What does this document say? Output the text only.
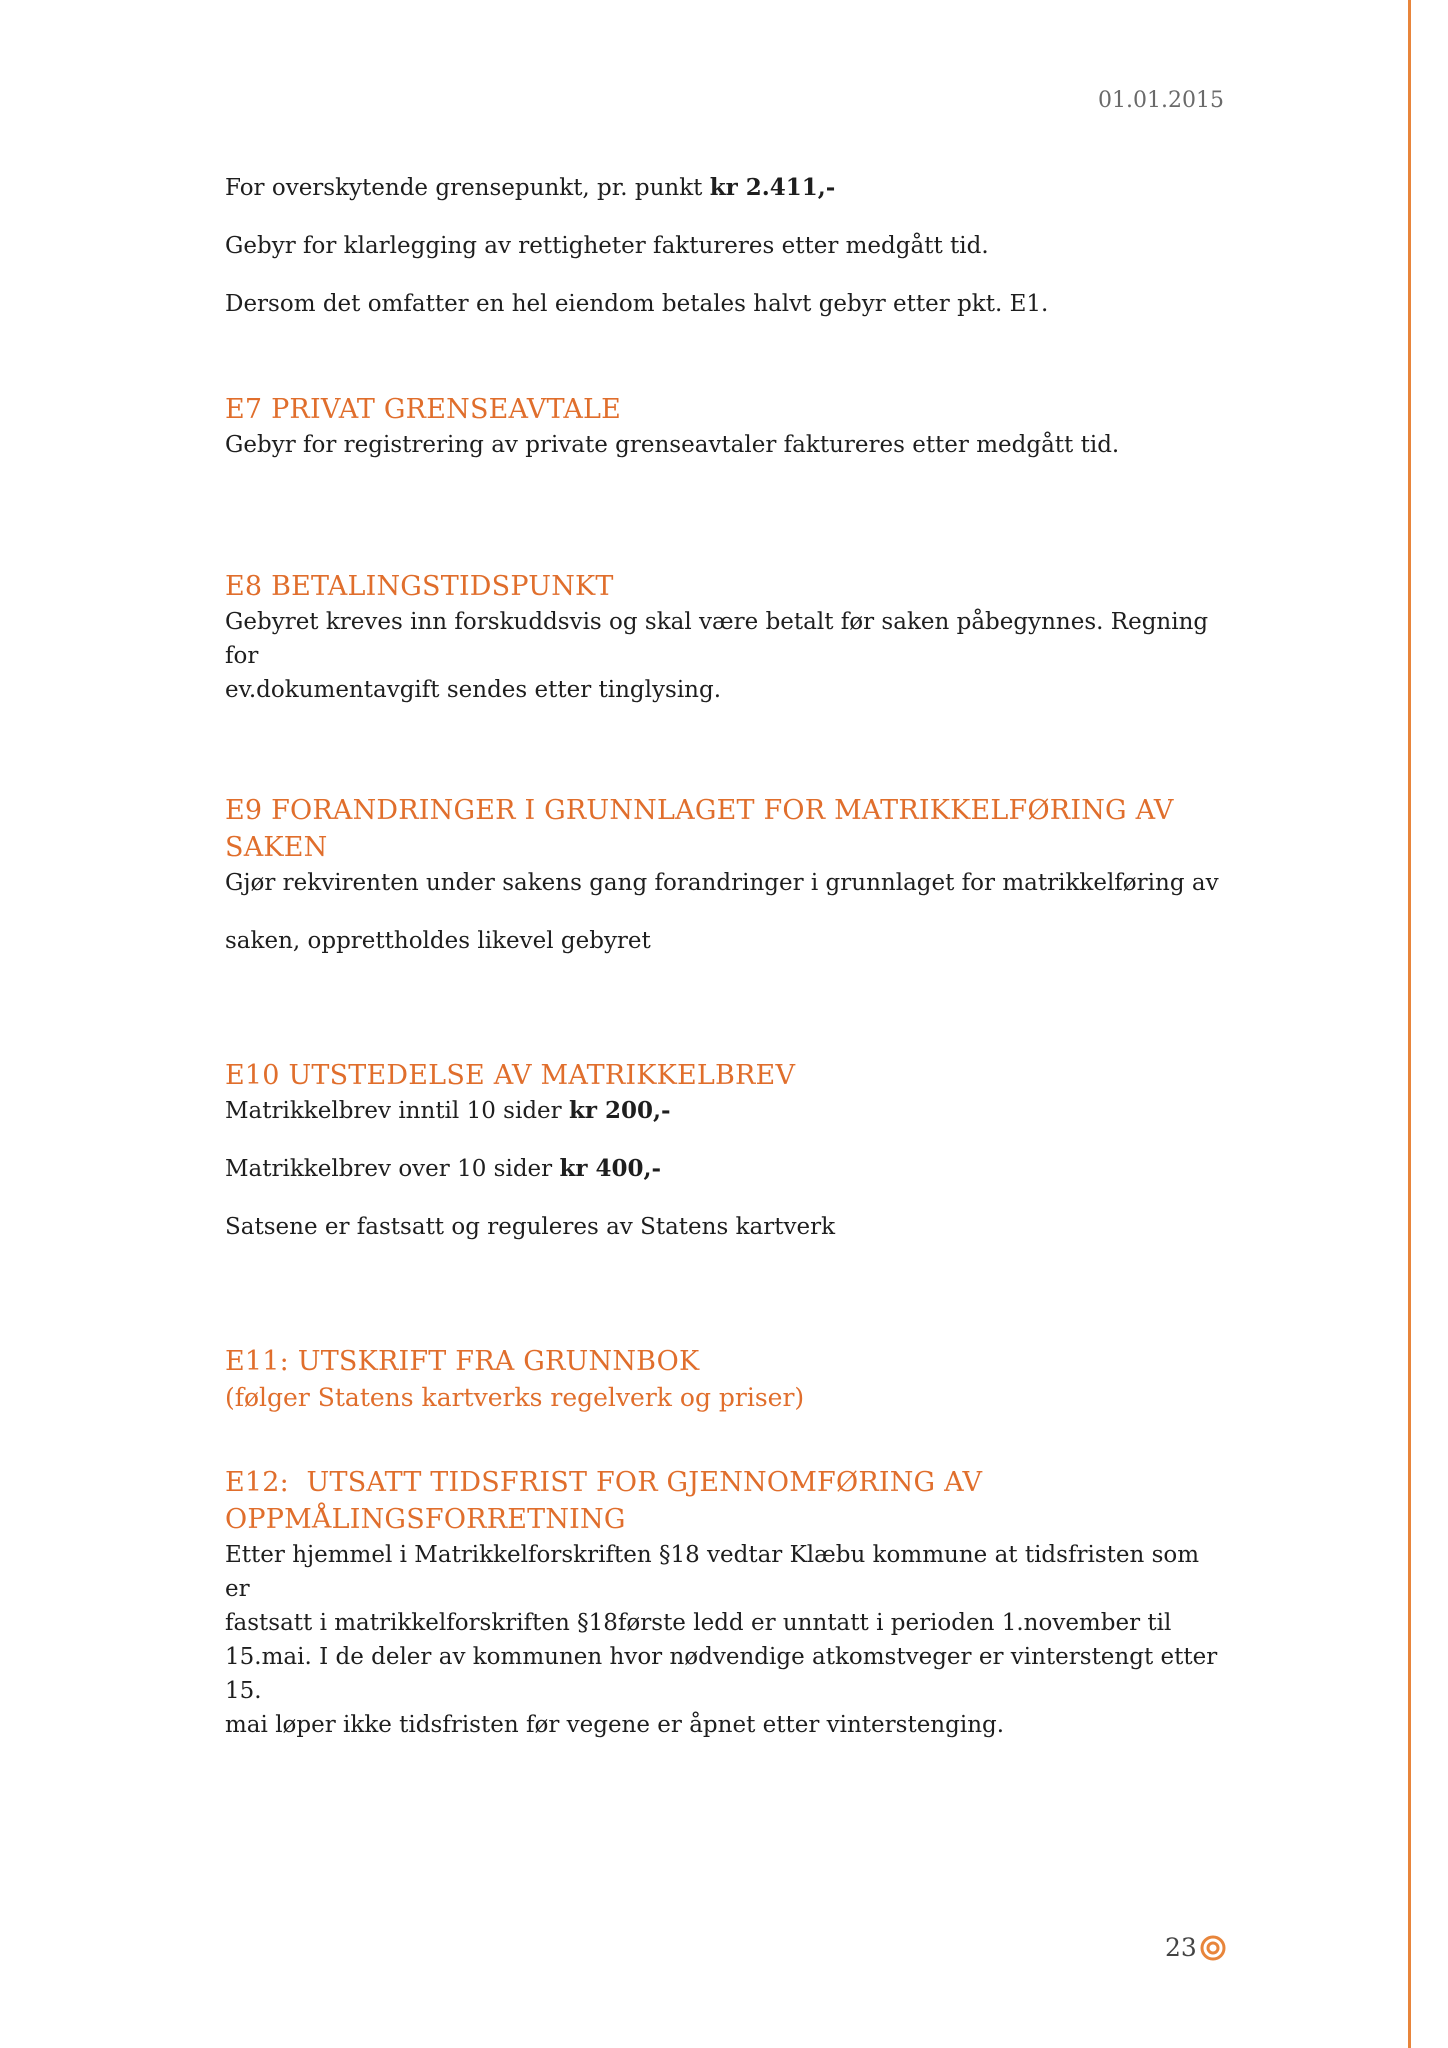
01.01.2015

For overskytende grensepunkt, pr. punkt kr 2.411,-

Gebyr for klarlegging av rettigheter faktureres etter medgått tid.

Dersom det omfatter en hel eiendom betales halvt gebyr etter pkt. E1.

E7 PRIVAT GRENSEAVTALE

Gebyr for registrering av private grenseavtaler faktureres etter medgått tid.

E8 BETALINGSTIDSPUNKT

Gebyret kreves inn forskuddsvis og skal være betalt før saken påbegynnes. Regning for

ev.dokumentavgift sendes etter tinglysing.

E9 FORANDRINGER I GRUNNLAGET FOR MATRIKKELFØRING AV
SAKEN

Gjør rekvirenten under sakens gang forandringer i grunnlaget for matrikkelføring av

saken, opprettholdes likevel gebyret

E10 UTSTEDELSE AV MATRIKKELBREV

Matrikkelbrev inntil 10 sider kr 200,-

Matrikkelbrev over 10 sider kr 400,-

Satsene er fastsatt og reguleres av Statens kartverk

E11: UTSKRIFT FRA GRUNNBOK

(følger Statens kartverks regelverk og priser)

E12:  UTSATT TIDSFRIST FOR GJENNOMFØRING AV
OPPMÅLINGSFORRETNING

Etter hjemmel i Matrikkelforskriften §18 vedtar Klæbu kommune at tidsfristen som er

fastsatt i matrikkelforskriften §18første ledd er unntatt i perioden 1.november til

15.mai. I de deler av kommunen hvor nødvendige atkomstveger er vinterstengt etter 15.

mai løper ikke tidsfristen før vegene er åpnet etter vinterstenging.

23
